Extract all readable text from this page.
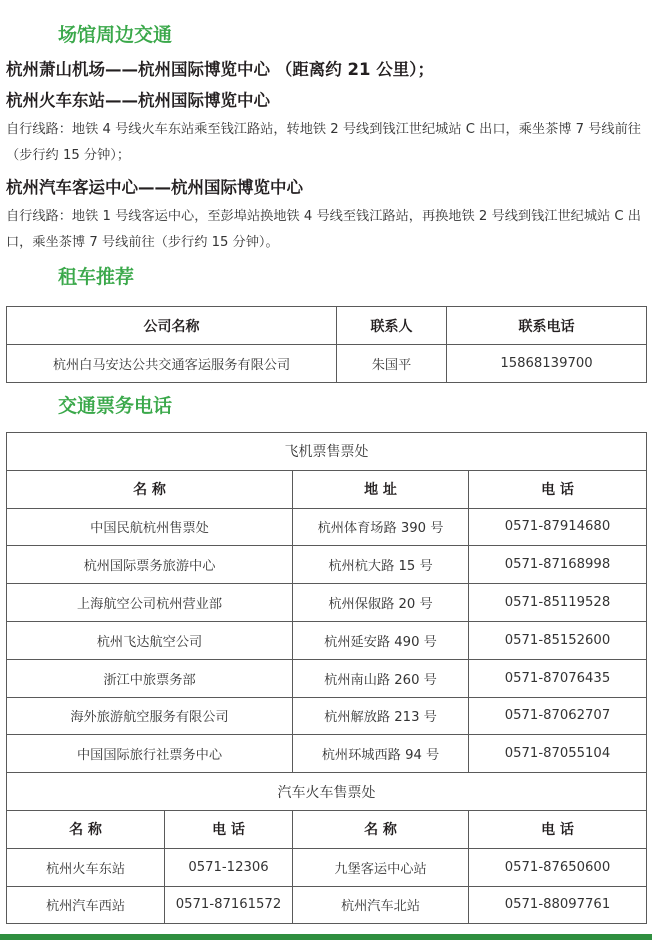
场馆周边交通

杭州萧山机场——杭州国际博览中心 （距离约 21 公里）；

杭州火车东站——杭州国际博览中心

自行线路：地铁 4 号线火车东站乘至钱江路站，转地铁 2 号线到钱江世纪城站 C 出口，乘坐茶博 7 号线前往（步行约 15 分钟）；

杭州汽车客运中心——杭州国际博览中心

自行线路：地铁 1 号线客运中心，至彭埠站换地铁 4 号线至钱江路站，再换地铁 2 号线到钱江世纪城站 C 出口，乘坐茶博 7 号线前往（步行约 15 分钟）。

租车推荐
公司名称	联系人	联系电话
杭州白马安达公共交通客运服务有限公司	朱国平	15868139700
交通票务电话
飞机票售票处			
名 称		地 址	电 话
中国民航杭州售票处		杭州体育场路 390 号	0571-87914680
杭州国际票务旅游中心		杭州杭大路 15 号	0571-87168998
上海航空公司杭州营业部		杭州保俶路 20 号	0571-85119528
杭州飞达航空公司		杭州延安路 490 号	0571-85152600
浙江中旅票务部		杭州南山路 260 号	0571-87076435
海外旅游航空服务有限公司		杭州解放路 213 号	0571-87062707
中国国际旅行社票务中心		杭州环城西路 94 号	0571-87055104
汽车火车售票处			
名 称	电 话	名 称	电 话
杭州火车东站	0571-12306	九堡客运中心站	0571-87650600
杭州汽车西站	0571-87161572	杭州汽车北站	0571-88097761
